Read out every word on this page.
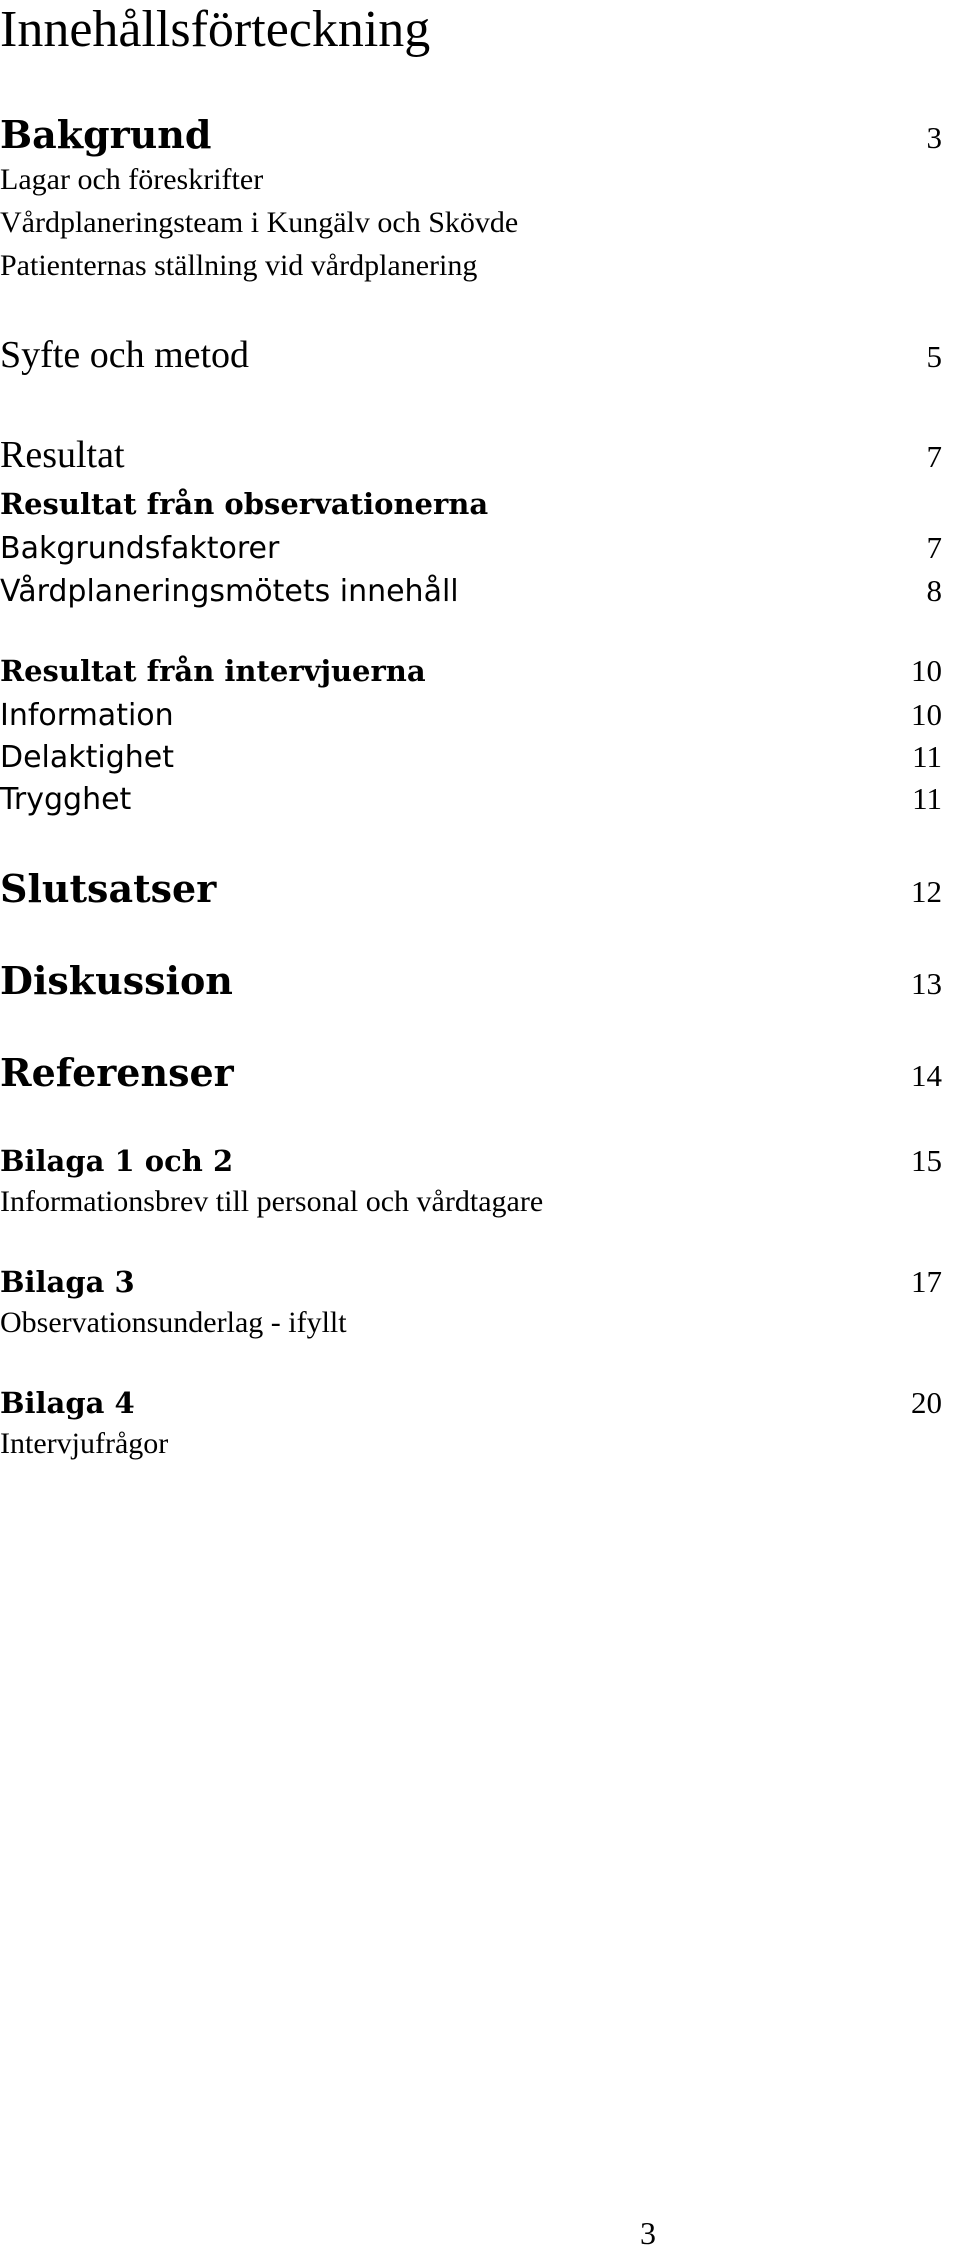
Innehållsförteckning
Bakgrund	3
Lagar och föreskrifter
Vårdplaneringsteam i Kungälv och Skövde
Patienternas ställning vid vårdplanering
Syfte och metod	5
Resultat	7
Resultat från observationerna
Bakgrundsfaktorer	7
Vårdplaneringsmötets innehåll	8
Resultat från intervjuerna	10
Information	10
Delaktighet	11
Trygghet	11
Slutsatser	12
Diskussion	13
Referenser	14
Bilaga 1 och 2	15
Informationsbrev till personal och vårdtagare
Bilaga 3	17
Observationsunderlag - ifyllt
Bilaga 4	20
Intervjufrågor
3
